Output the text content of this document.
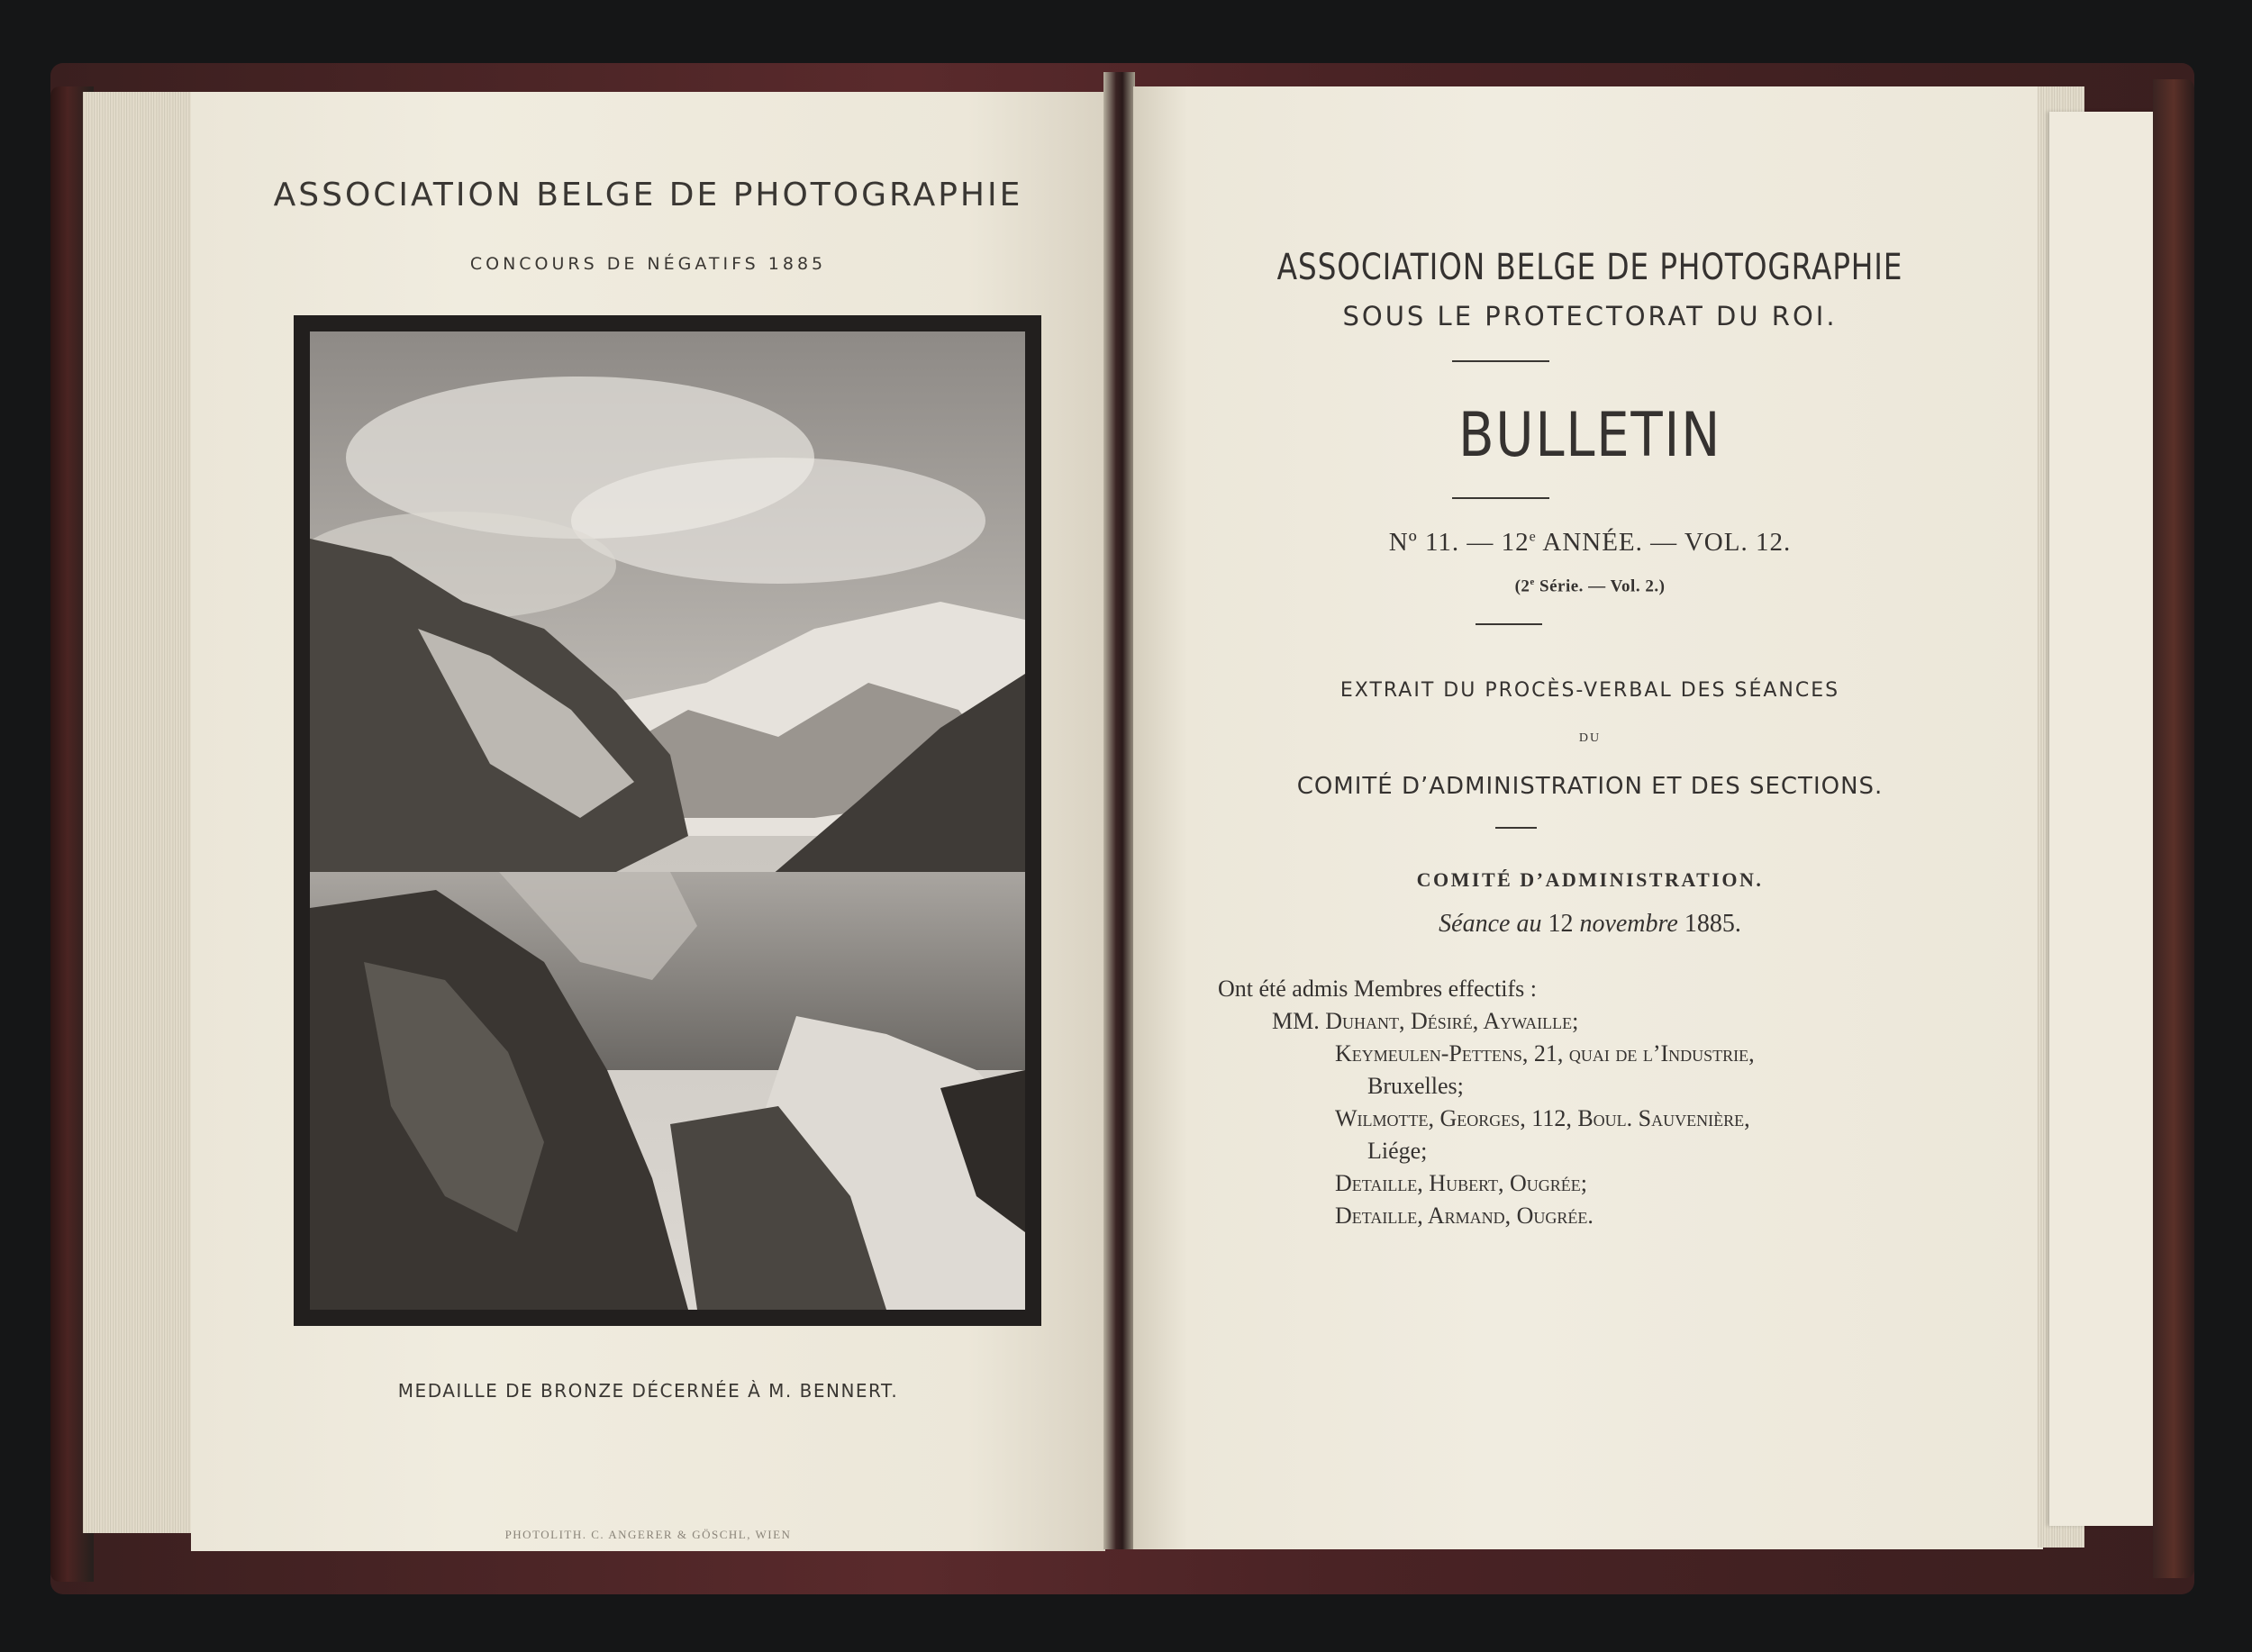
ASSOCIATION BELGE DE PHOTOGRAPHIE
CONCOURS DE NÉGATIFS 1885
MEDAILLE DE BRONZE DÉCERNÉE À M. BENNERT.
PHOTOLITH. C. ANGERER & GÖSCHL, WIEN
ASSOCIATION BELGE DE PHOTOGRAPHIE
SOUS LE PROTECTORAT DU ROI.
BULLETIN
Nº 11. — 12e ANNÉE. — VOL. 12.
(2e Série. — Vol. 2.)
EXTRAIT DU PROCÈS-VERBAL DES SÉANCES
DU
COMITÉ D’ADMINISTRATION ET DES SECTIONS.
COMITÉ D’ADMINISTRATION.
Séance au 12 novembre 1885.
Ont été admis Membres effectifs :
MM. Duhant, Désiré, Aywaille;
Keymeulen-Pettens, 21, quai de l’Industrie,
Bruxelles;
Wilmotte, Georges, 112, Boul. Sauvenière,
Liége;
Detaille, Hubert, Ougrée;
Detaille, Armand, Ougrée.
